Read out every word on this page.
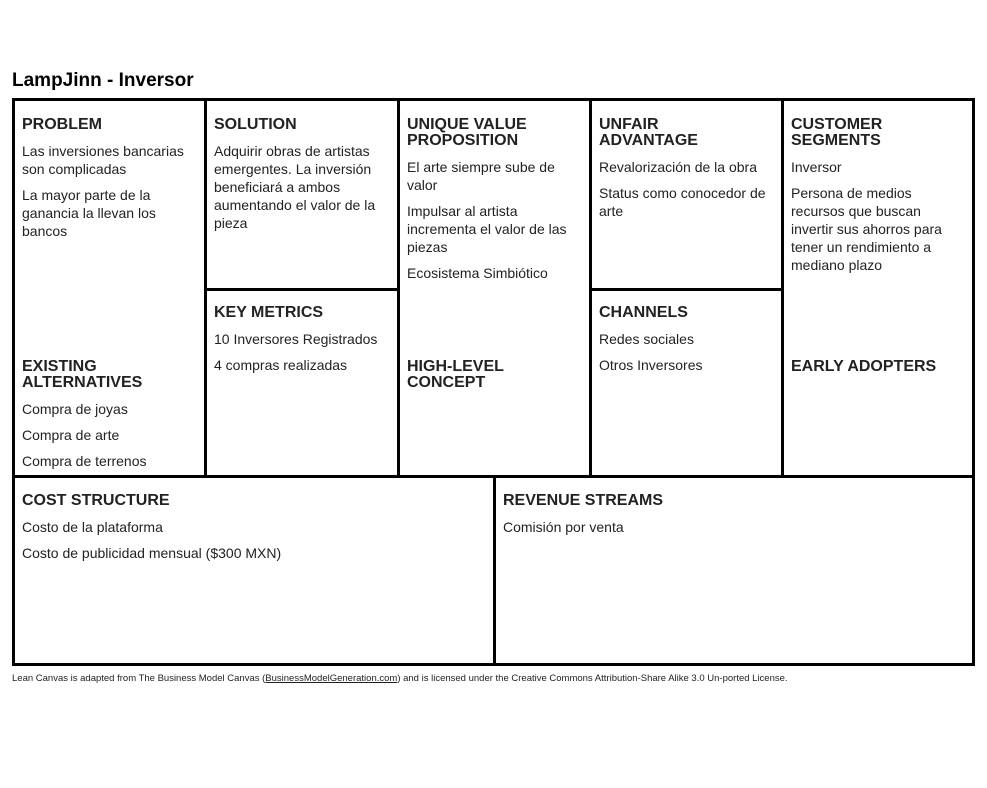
LampJinn - Inversor
PROBLEM
Las inversiones bancarias
son complicadas
La mayor parte de la
ganancia la llevan los
bancos
EXISTING
ALTERNATIVES
Compra de joyas
Compra de arte
Compra de terrenos
SOLUTION
Adquirir obras de artistas
emergentes. La inversión
beneficiará a ambos
aumentando el valor de la
pieza
KEY METRICS
10 Inversores Registrados
4 compras realizadas
UNIQUE VALUE
PROPOSITION
El arte siempre sube de
valor
Impulsar al artista
incrementa el valor de las
piezas
Ecosistema Simbiótico
HIGH-LEVEL
CONCEPT
UNFAIR
ADVANTAGE
Revalorización de la obra
Status como conocedor de
arte
CHANNELS
Redes sociales
Otros Inversores
CUSTOMER
SEGMENTS
Inversor
Persona de medios
recursos que buscan
invertir sus ahorros para
tener un rendimiento a
mediano plazo
EARLY ADOPTERS
COST STRUCTURE
Costo de la plataforma
Costo de publicidad mensual ($300 MXN)
REVENUE STREAMS
Comisión por venta
Lean Canvas is adapted from The Business Model Canvas (BusinessModelGeneration.com) and is licensed under the Creative Commons Attribution-Share Alike 3.0 Un-ported License.
